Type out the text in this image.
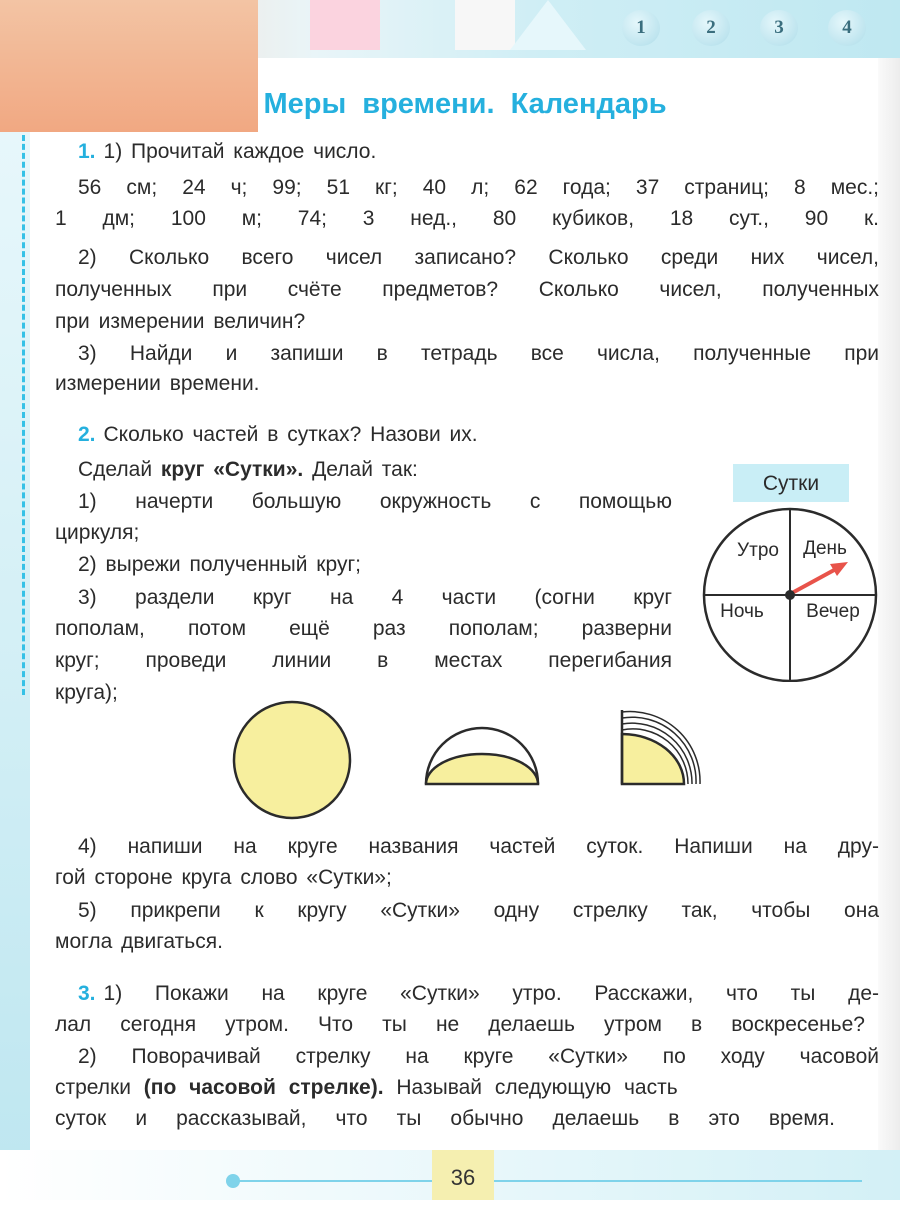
36
1	2	3	4
Меры времени. Календарь
1. 1) Прочитай каждое число.
56 см; 24 ч; 99; 51 кг; 40 л; 62 года; 37 страниц; 8 мес.;
1 дм; 100 м; 74; 3 нед., 80 кубиков, 18 сут., 90 к.
2) Сколько всего чисел записано? Сколько среди них чисел,
полученных при счёте предметов? Сколько чисел, полученных
при измерении величин?
3) Найди и запиши в тетрадь все числа, полученные при
измерении времени.
2. Сколько частей в сутках? Назови их.
Сделай круг «Сутки». Делай так:
1) начерти большую окружность с помощью
циркуля;
2) вырежи полученный круг;
3) раздели круг на 4 части (согни круг
пополам, потом ещё раз пополам; разверни
круг; проведи линии в местах перегибания
круга);
Сутки
Утро День
Ночь Вечер
4) напиши на круге названия частей суток. Напиши на дру-
гой стороне круга слово «Сутки»;
5) прикрепи к кругу «Сутки» одну стрелку так, чтобы она
могла двигаться.
3. 1) Покажи на круге «Сутки» утро. Расскажи, что ты де-
лал сегодня утром. Что ты не делаешь утром в воскресенье?
2) Поворачивай стрелку на круге «Сутки» по ходу часовой
стрелки (по часовой стрелке). Называй следующую часть
суток и рассказывай, что ты обычно делаешь в это время.
